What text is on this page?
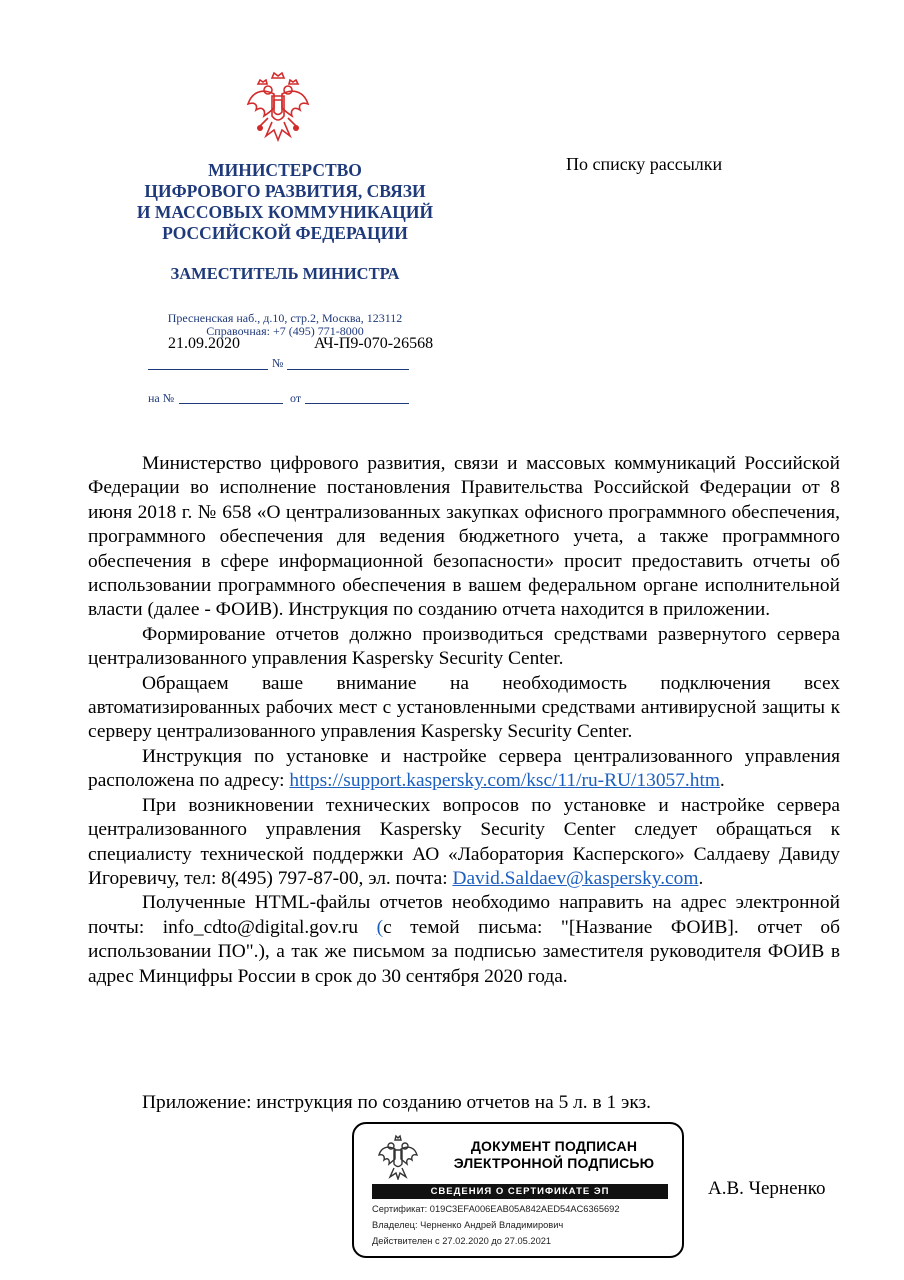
МИНИСТЕРСТВО
ЦИФРОВОГО РАЗВИТИЯ, СВЯЗИ
И МАССОВЫХ КОММУНИКАЦИЙ
РОССИЙСКОЙ ФЕДЕРАЦИИ
ЗАМЕСТИТЕЛЬ МИНИСТРА
Пресненская наб., д.10, стр.2, Москва, 123112
Справочная: +7 (495) 771-8000
21.09.2020	АЧ-П9-070-26568
№
на №	от
По списку рассылки

Министерство цифрового развития, связи и массовых коммуникаций Российской Федерации во исполнение постановления Правительства Российской Федерации от 8 июня 2018 г. № 658 «О централизованных закупках офисного программного обеспечения, программного обеспечения для ведения бюджетного учета, а также программного обеспечения в сфере информационной безопасности» просит предоставить отчеты об использовании программного обеспечения в вашем федеральном органе исполнительной власти (далее - ФОИВ). Инструкция по созданию отчета находится в приложении.

Формирование отчетов должно производиться средствами развернутого сервера централизованного управления Kaspersky Security Center.

Обращаем ваше внимание на необходимость подключения всех автоматизированных рабочих мест с установленными средствами антивирусной защиты к серверу централизованного управления Kaspersky Security Center.

Инструкция по установке и настройке сервера централизованного управления расположена по адресу: https://support.kaspersky.com/ksc/11/ru-RU/13057.htm.

При возникновении технических вопросов по установке и настройке сервера централизованного управления Kaspersky Security Center следует обращаться к специалисту технической поддержки АО «Лаборатория Касперского» Салдаеву Давиду Игоревичу, тел: 8(495) 797-87-00, эл. почта: David.Saldaev@kaspersky.com.

Полученные HTML-файлы отчетов необходимо направить на адрес электронной почты: info_cdto@digital.gov.ru (с темой письма: "[Название ФОИВ]. отчет об использовании ПО".), а так же письмом за подписью заместителя руководителя ФОИВ в адрес Минцифры России в срок до 30 сентября 2020 года.

Приложение: инструкция по созданию отчетов на 5 л. в 1 экз.
ДОКУМЕНТ ПОДПИСАН
ЭЛЕКТРОННОЙ ПОДПИСЬЮ
СВЕДЕНИЯ О СЕРТИФИКАТЕ ЭП
Сертификат: 019C3EFA006EAB05A842AED54AC6365692
Владелец: Черненко Андрей Владимирович
Действителен с 27.02.2020 до 27.05.2021
А.В. Черненко
